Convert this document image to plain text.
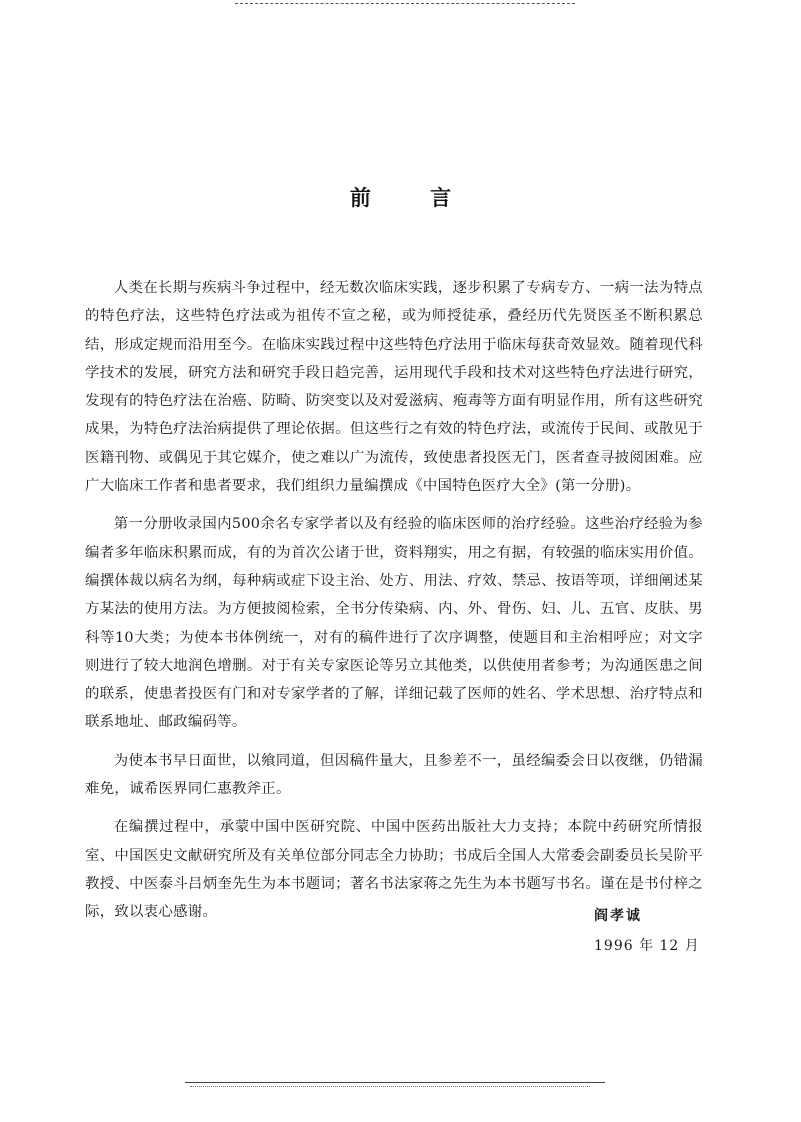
前 言

人类在长期与疾病斗争过程中，经无数次临床实践，逐步积累了专病专方、一病一法为特点的特色疗法，这些特色疗法或为祖传不宣之秘，或为师授徒承，叠经历代先贤医圣不断积累总结，形成定规而沿用至今。在临床实践过程中这些特色疗法用于临床每获奇效显效。随着现代科学技术的发展，研究方法和研究手段日趋完善，运用现代手段和技术对这些特色疗法进行研究，发现有的特色疗法在治癌、防畸、防突变以及对爱滋病、疱毒等方面有明显作用，所有这些研究成果，为特色疗法治病提供了理论依据。但这些行之有效的特色疗法，或流传于民间、或散见于医籍刊物、或偶见于其它媒介，使之难以广为流传，致使患者投医无门，医者查寻披阅困难。应广大临床工作者和患者要求，我们组织力量编撰成《中国特色医疗大全》(第一分册)。

第一分册收录国内500余名专家学者以及有经验的临床医师的治疗经验。这些治疗经验为参编者多年临床积累而成，有的为首次公诸于世，资料翔实，用之有据，有较强的临床实用价值。编撰体裁以病名为纲，每种病或症下设主治、处方、用法、疗效、禁忌、按语等项，详细阐述某方某法的使用方法。为方便披阅检索，全书分传染病、内、外、骨伤、妇、儿、五官、皮肤、男科等10大类；为使本书体例统一，对有的稿件进行了次序调整，使题目和主治相呼应；对文字则进行了较大地润色增删。对于有关专家医论等另立其他类，以供使用者参考；为沟通医患之间的联系，使患者投医有门和对专家学者的了解，详细记载了医师的姓名、学术思想、治疗特点和联系地址、邮政编码等。

为使本书早日面世，以飨同道，但因稿件量大，且参差不一，虽经编委会日以夜继，仍错漏难免，诚希医界同仁惠教斧正。

在编撰过程中，承蒙中国中医研究院、中国中医药出版社大力支持；本院中药研究所情报室、中国医史文献研究所及有关单位部分同志全力协助；书成后全国人大常委会副委员长吴阶平教授、中医泰斗吕炳奎先生为本书题词；著名书法家蒋之先生为本书题写书名。谨在是书付梓之际，致以衷心感谢。	阎孝诚
1996 年 12 月
